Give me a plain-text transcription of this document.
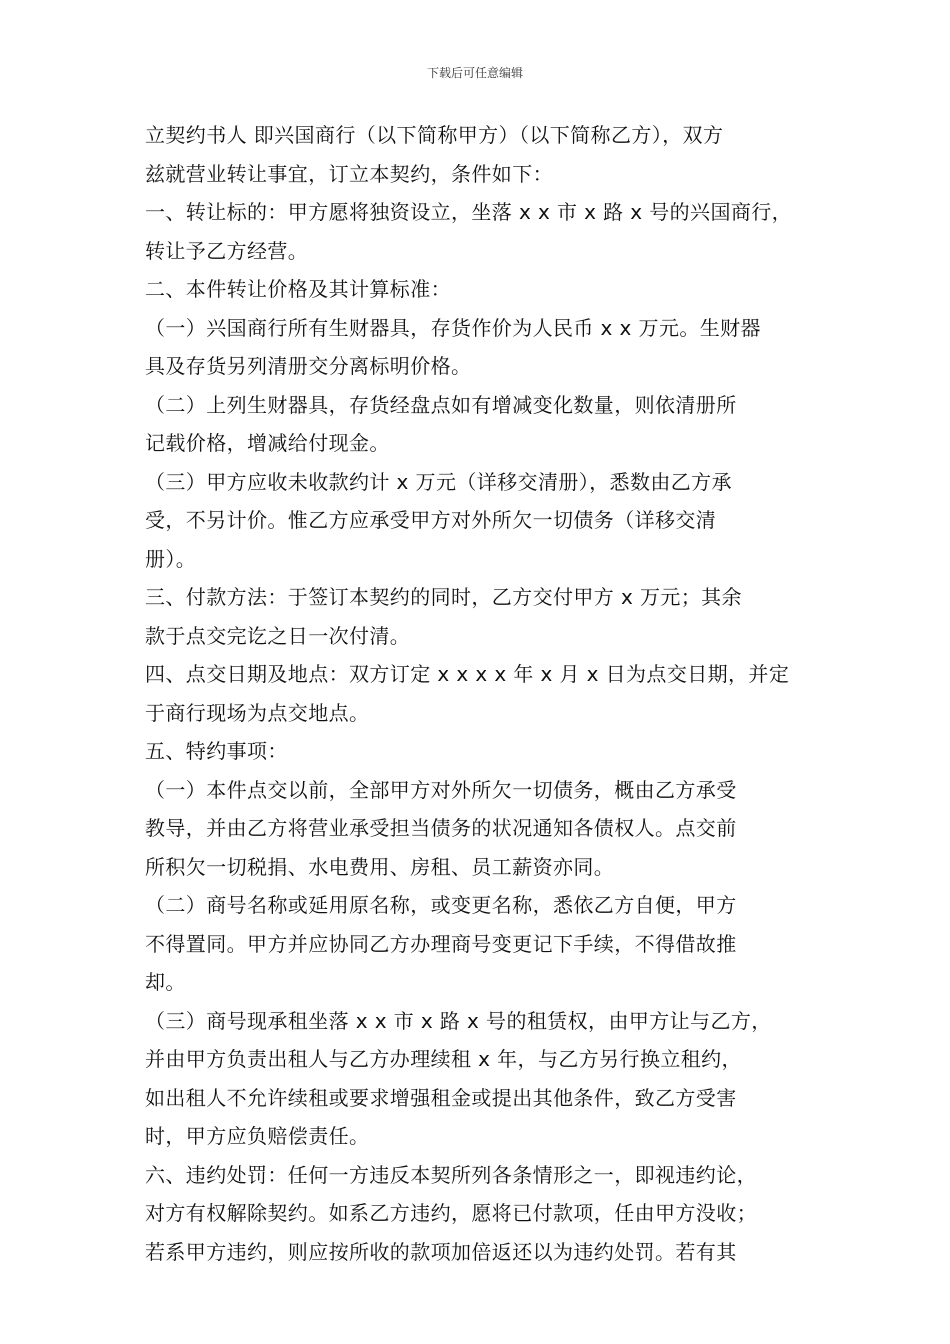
下载后可任意编辑
立契约书人 即兴国商行（以下简称甲方）（以下简称乙方），双方
兹就营业转让事宜，订立本契约，条件如下：
一、转让标的：甲方愿将独资设立，坐落 x x 市 x 路 x 号的兴国商行，
转让予乙方经营。
二、本件转让价格及其计算标准：
（一）兴国商行所有生财器具，存货作价为人民币 x x 万元。生财器
具及存货另列清册交分离标明价格。
（二）上列生财器具，存货经盘点如有增减变化数量，则依清册所
记载价格，增减给付现金。
（三）甲方应收未收款约计 x 万元（详移交清册），悉数由乙方承
受，不另计价。惟乙方应承受甲方对外所欠一切债务（详移交清
册）。
三、付款方法：于签订本契约的同时，乙方交付甲方 x 万元；其余
款于点交完讫之日一次付清。
四、点交日期及地点：双方订定 x x x x 年 x 月 x 日为点交日期，并定
于商行现场为点交地点。
五、特约事项：
（一）本件点交以前，全部甲方对外所欠一切债务，概由乙方承受
教导，并由乙方将营业承受担当债务的状况通知各债权人。点交前
所积欠一切税捐、水电费用、房租、员工薪资亦同。
（二）商号名称或延用原名称，或变更名称，悉依乙方自便，甲方
不得置同。甲方并应协同乙方办理商号变更记下手续，不得借故推
却。
（三）商号现承租坐落 x x 市 x 路 x 号的租赁权，由甲方让与乙方，
并由甲方负责出租人与乙方办理续租 x 年，与乙方另行换立租约，
如出租人不允许续租或要求增强租金或提出其他条件，致乙方受害
时，甲方应负赔偿责任。
六、违约处罚：任何一方违反本契所列各条情形之一，即视违约论，
对方有权解除契约。如系乙方违约，愿将已付款项，任由甲方没收；
若系甲方违约，则应按所收的款项加倍返还以为违约处罚。若有其
